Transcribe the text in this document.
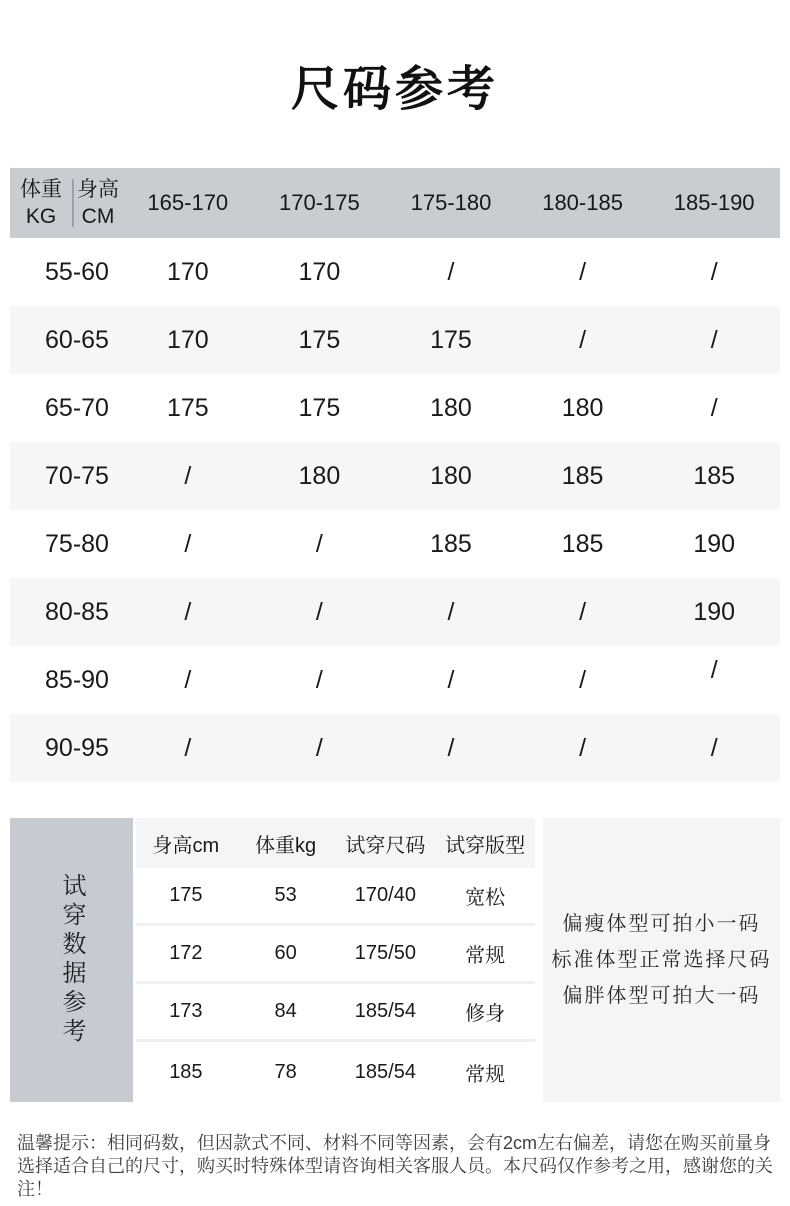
尺码参考
体重
KG
身高
CM
165-170	170-175	175-180	180-185	185-190
55-60	170	170	/	/	/
60-65	170	175	175	/	/
65-70	175	175	180	180	/
70-75	/	180	180	185	185
75-80	/	/	185	185	190
80-85	/	/	/	/	190
85-90	/	/	/	/	/
90-95	/	/	/	/	/
试穿数据参考
身高cm	体重kg	试穿尺码 试穿版型
175	53	170/40	宽松
172	60	175/50	常规
173	84	185/54	修身
185	78	185/54	常规
偏瘦体型可拍小一码
标准体型正常选择尺码
偏胖体型可拍大一码
温馨提示：相同码数，但因款式不同、材料不同等因素，会有2cm左右偏差，请您在购买前量身选择适合自己的尺寸，购买时特殊体型请咨询相关客服人员。本尺码仅作参考之用，感谢您的关注！
